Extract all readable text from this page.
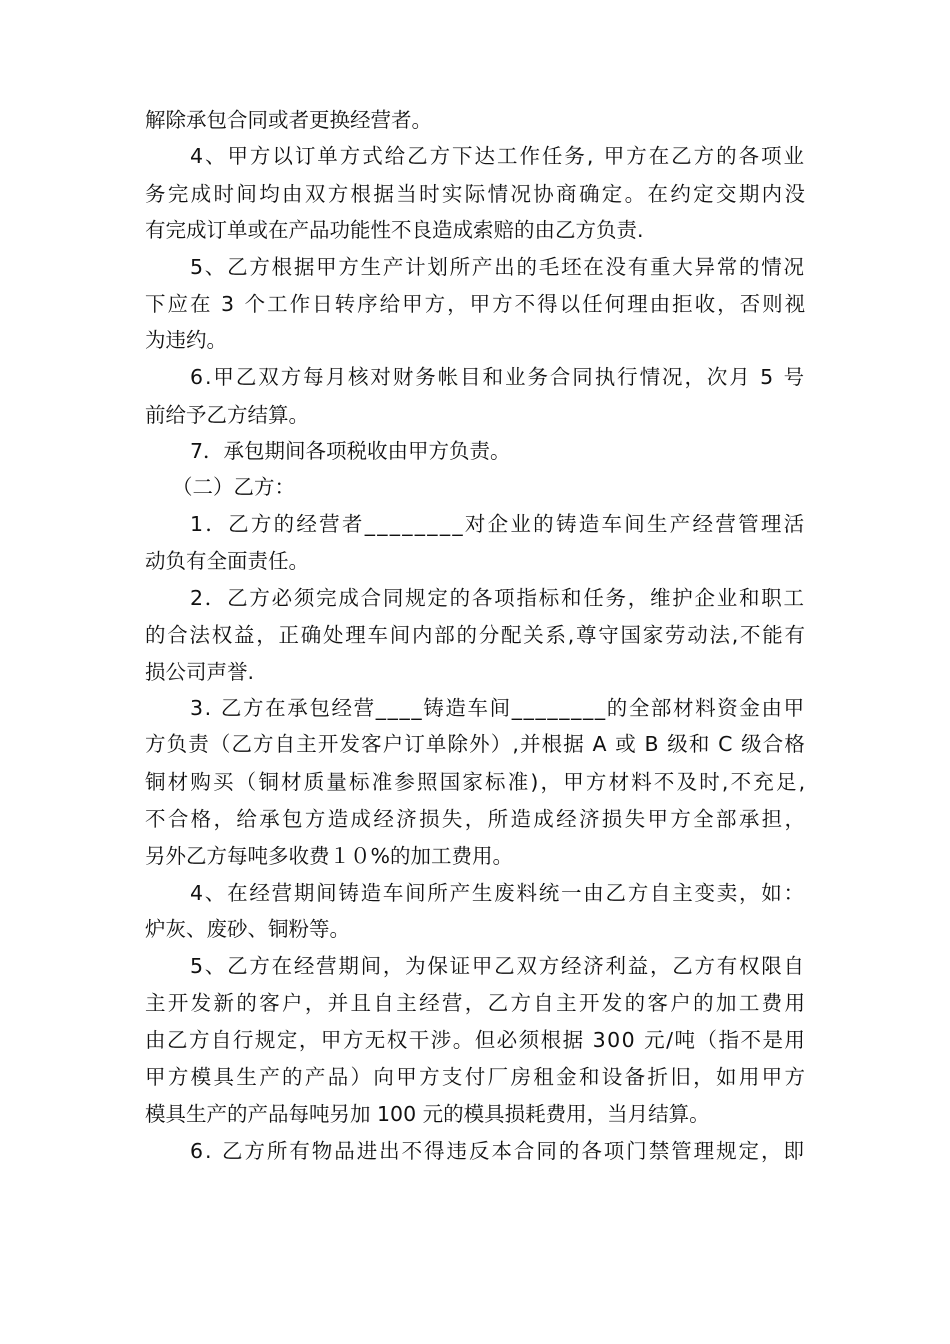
解除承包合同或者更换经营者。
4、甲方以订单方式给乙方下达工作任务, 甲方在乙方的各项业
务完成时间均由双方根据当时实际情况协商确定。在约定交期内没
有完成订单或在产品功能性不良造成索赔的由乙方负责.
5、乙方根据甲方生产计划所产出的毛坯在没有重大异常的情况
下应在 3 个工作日转序给甲方，甲方不得以任何理由拒收，否则视
为违约。
6.甲乙双方每月核对财务帐目和业务合同执行情况，次月 5 号
前给予乙方结算。
7．承包期间各项税收由甲方负责。
（二）乙方：
1．乙方的经营者________对企业的铸造车间生产经营管理活
动负有全面责任。
2．乙方必须完成合同规定的各项指标和任务，维护企业和职工
的合法权益，正确处理车间内部的分配关系,尊守国家劳动法,不能有
损公司声誉.
3. 乙方在承包经营____铸造车间________的全部材料资金由甲
方负责（乙方自主开发客户订单除外）,并根据 A 或 B 级和 C 级合格
铜材购买（铜材质量标准参照国家标准)，甲方材料不及时,不充足,
不合格，给承包方造成经济损失，所造成经济损失甲方全部承担，
另外乙方每吨多收费１０%的加工费用。
4、在经营期间铸造车间所产生废料统一由乙方自主变卖，如：
炉灰、废砂、铜粉等。
5、乙方在经营期间，为保证甲乙双方经济利益，乙方有权限自
主开发新的客户，并且自主经营，乙方自主开发的客户的加工费用
由乙方自行规定，甲方无权干涉。但必须根据 300 元/吨（指不是用
甲方模具生产的产品）向甲方支付厂房租金和设备折旧，如用甲方
模具生产的产品每吨另加 100 元的模具损耗费用，当月结算。
6. 乙方所有物品进出不得违反本合同的各项门禁管理规定，即
